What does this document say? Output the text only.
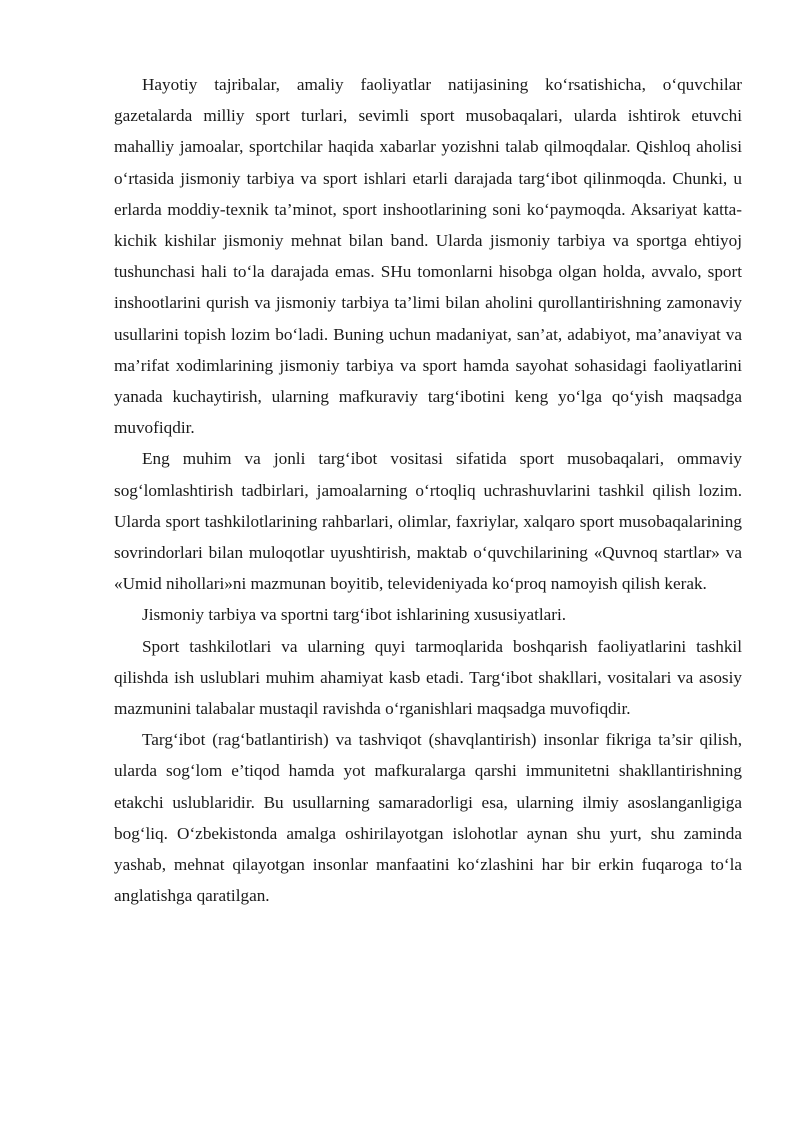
Hayotiy tajribalar, amaliy faoliyatlar natijasining ko‘rsatishicha, o‘quvchilar gazetalarda milliy sport turlari, sevimli sport musobaqalari, ularda ishtirok etuvchi mahalliy jamoalar, sportchilar haqida xabarlar yozishni talab qilmoqdalar. Qishloq aholisi o‘rtasida jismoniy tarbiya va sport ishlari etarli darajada targ‘ibot qilinmoqda. Chunki, u erlarda moddiy-texnik ta’minot, sport inshootlarining soni ko‘paymoqda. Aksariyat katta-kichik kishilar jismoniy mehnat bilan band. Ularda jismoniy tarbiya va sportga ehtiyoj tushunchasi hali to‘la darajada emas. SHu tomonlarni hisobga olgan holda, avvalo, sport inshootlarini qurish va jismoniy tarbiya ta’limi bilan aholini qurollantirishning zamonaviy usullarini topish lozim bo‘ladi. Buning uchun madaniyat, san’at, adabiyot, ma’anaviyat va ma’rifat xodimlarining jismoniy tarbiya va sport hamda sayohat sohasidagi faoliyatlarini yanada kuchaytirish, ularning mafkuraviy targ‘ibotini keng yo‘lga qo‘yish maqsadga muvofiqdir.

Eng muhim va jonli targ‘ibot vositasi sifatida sport musobaqalari, ommaviy sog‘lomlashtirish tadbirlari, jamoalarning o‘rtoqliq uchrashuvlarini tashkil qilish lozim. Ularda sport tashkilotlarining rahbarlari, olimlar, faxriylar, xalqaro sport musobaqalarining sovrindorlari bilan muloqotlar uyushtirish, maktab o‘quvchilarining «Quvnoq startlar» va «Umid nihollari»ni mazmunan boyitib, televideniyada ko‘proq namoyish qilish kerak.

Jismoniy tarbiya va sportni targ‘ibot ishlarining xususiyatlari.

Sport tashkilotlari va ularning quyi tarmoqlarida boshqarish faoliyatlarini tashkil qilishda ish uslublari muhim ahamiyat kasb etadi. Targ‘ibot shakllari, vositalari va asosiy mazmunini talabalar mustaqil ravishda o‘rganishlari maqsadga muvofiqdir.

Targ‘ibot (rag‘batlantirish) va tashviqot (shavqlantirish) insonlar fikriga ta’sir qilish, ularda sog‘lom e’tiqod hamda yot mafkuralarga qarshi immunitetni shakllantirishning etakchi uslublaridir. Bu usullarning samaradorligi esa, ularning ilmiy asoslanganligiga bog‘liq. O‘zbekistonda amalga oshirilayotgan islohotlar aynan shu yurt, shu zaminda yashab, mehnat qilayotgan insonlar manfaatini ko‘zlashini har bir erkin fuqaroga to‘la anglatishga qaratilgan.
